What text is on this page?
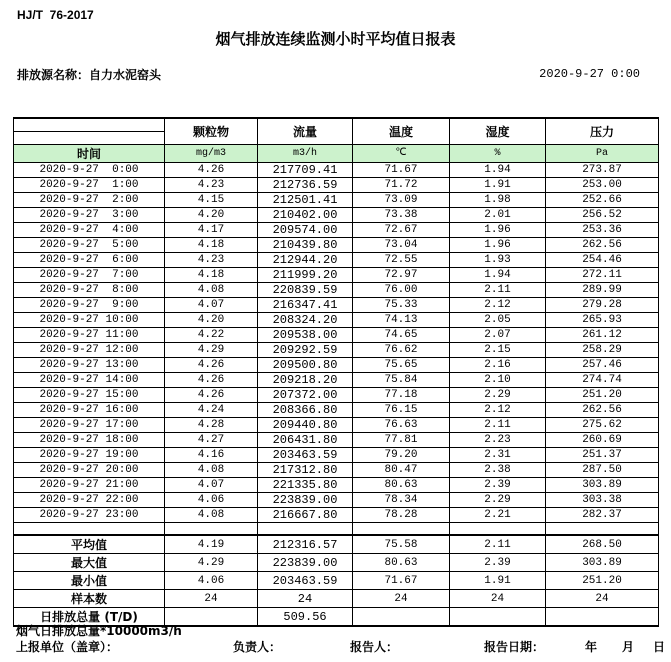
HJ/T  76-2017
烟气排放连续监测小时平均值日报表
排放源名称：自力水泥窑头	2020-9-27 0:00
	颗粒物	流量	温度	湿度	压力

时间	mg/m3	m3/h	℃	%	Pa
2020-9-27  0:00	4.26	217709.41	71.67	1.94	273.87
2020-9-27  1:00	4.23	212736.59	71.72	1.91	253.00
2020-9-27  2:00	4.15	212501.41	73.09	1.98	252.66
2020-9-27  3:00	4.20	210402.00	73.38	2.01	256.52
2020-9-27  4:00	4.17	209574.00	72.67	1.96	253.36
2020-9-27  5:00	4.18	210439.80	73.04	1.96	262.56
2020-9-27  6:00	4.23	212944.20	72.55	1.93	254.46
2020-9-27  7:00	4.18	211999.20	72.97	1.94	272.11
2020-9-27  8:00	4.08	220839.59	76.00	2.11	289.99
2020-9-27  9:00	4.07	216347.41	75.33	2.12	279.28
2020-9-27 10:00	4.20	208324.20	74.13	2.05	265.93
2020-9-27 11:00	4.22	209538.00	74.65	2.07	261.12
2020-9-27 12:00	4.29	209292.59	76.62	2.15	258.29
2020-9-27 13:00	4.26	209500.80	75.65	2.16	257.46
2020-9-27 14:00	4.26	209218.20	75.84	2.10	274.74
2020-9-27 15:00	4.26	207372.00	77.18	2.29	251.20
2020-9-27 16:00	4.24	208366.80	76.15	2.12	262.56
2020-9-27 17:00	4.28	209440.80	76.63	2.11	275.62
2020-9-27 18:00	4.27	206431.80	77.81	2.23	260.69
2020-9-27 19:00	4.16	203463.59	79.20	2.31	251.37
2020-9-27 20:00	4.08	217312.80	80.47	2.38	287.50
2020-9-27 21:00	4.07	221335.80	80.63	2.39	303.89
2020-9-27 22:00	4.06	223839.00	78.34	2.29	303.38
2020-9-27 23:00	4.08	216667.80	78.28	2.21	282.37

平均值	4.19	212316.57	75.58	2.11	268.50
最大值	4.29	223839.00	80.63	2.39	303.89
最小值	4.06	203463.59	71.67	1.91	251.20
样本数	24	24	24	24	24
日排放总量 (T/D)		509.56			
烟气日排放总量*10000m3/h
上报单位（盖章）：	负责人：	报告人：	报告日期：	年 月 日
